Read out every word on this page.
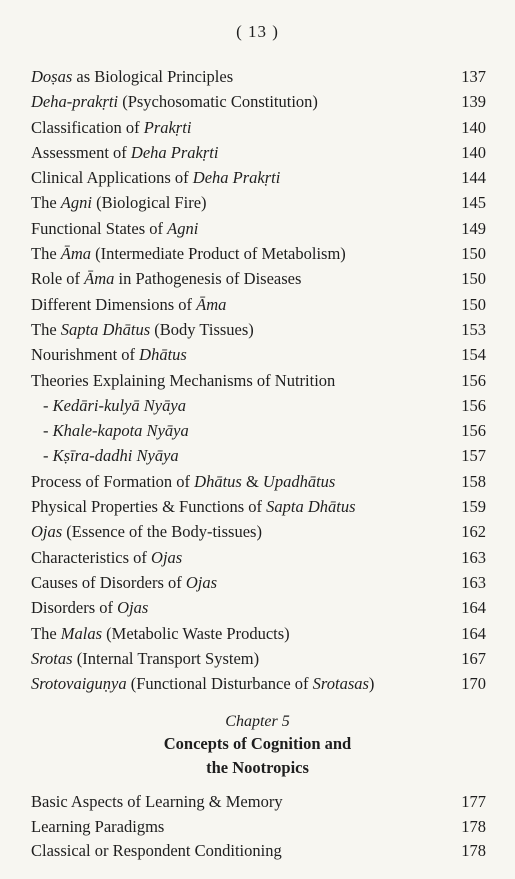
( 13 )
Doṣas as Biological Principles	137
Deha-prakṛti (Psychosomatic Constitution)	139
Classification of Prakṛti	140
Assessment of Deha Prakṛti	140
Clinical Applications of Deha Prakṛti	144
The Agni (Biological Fire)	145
Functional States of Agni	149
The Āma (Intermediate Product of Metabolism)	150
Role of Āma in Pathogenesis of Diseases	150
Different Dimensions of Āma	150
The Sapta Dhātus (Body Tissues)	153
Nourishment of Dhātus	154
Theories Explaining Mechanisms of Nutrition	156
- Kedāri-kulyā Nyāya	156
- Khale-kapota Nyāya	156
- Kṣīra-dadhi Nyāya	157
Process of Formation of Dhātus & Upadhātus	158
Physical Properties & Functions of Sapta Dhātus	159
Ojas (Essence of the Body-tissues)	162
Characteristics of Ojas	163
Causes of Disorders of Ojas	163
Disorders of Ojas	164
The Malas (Metabolic Waste Products)	164
Srotas (Internal Transport System)	167
Srotovaiguṇya (Functional Disturbance of Srotasas)	170
Chapter 5
Concepts of Cognition and
the Nootropics
Basic Aspects of Learning & Memory	177
Learning Paradigms	178
Classical or Respondent Conditioning	178
